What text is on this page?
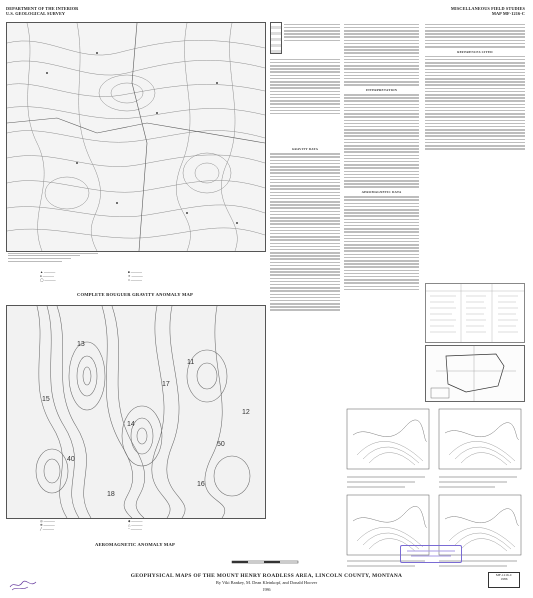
DEPARTMENT OF THE INTERIOR
U.S. GEOLOGICAL SURVEY
MISCELLANEOUS FIELD STUDIES
MAP MF-1216-C
▲ ─────
● ─────
◯ ─────
■ ─────
✕ ─────
□ ─────
COMPLETE BOUGUER GRAVITY ANOMALY MAP
11
12
13
14
15
16
17
18
40
50
◎ ─────
⊕ ─────
╱ ─────
◆ ─────
△ ─────
┄ ─────
AEROMAGNETIC ANOMALY MAP
GRAVITY DATA
INTERPRETATION
AEROMAGNETIC DATA
REFERENCES CITED
GEOPHYSICAL MAPS OF THE MOUNT HENRY ROADLESS AREA, LINCOLN COUNTY, MONTANA
By Viki Bankey, M. Dean Kleinkopf, and Donald Hoover
1986
MF-1216-C
1986
